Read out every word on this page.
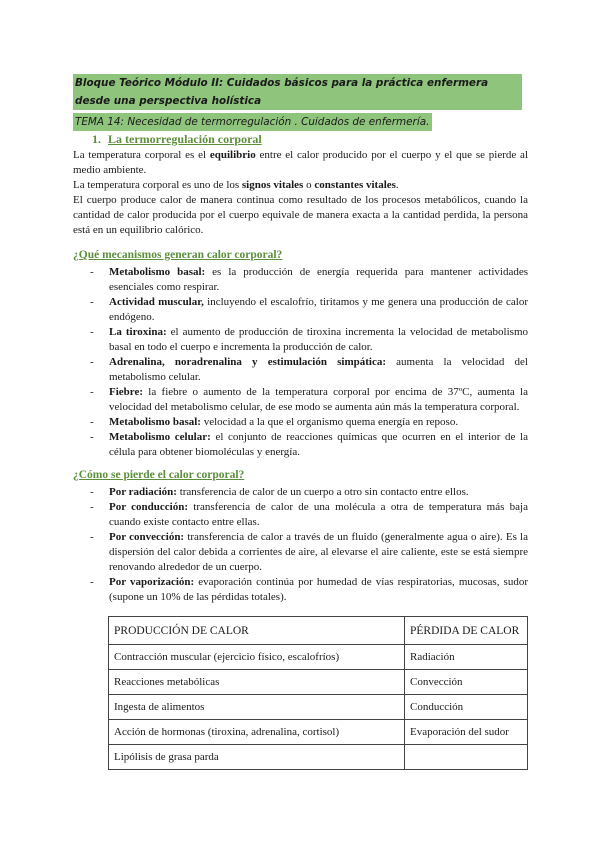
Bloque Teórico Módulo II: Cuidados básicos para la práctica enfermera desde una perspectiva holística
TEMA 14: Necesidad de termorregulación . Cuidados de enfermería.
1. La termorregulación corporal
La temperatura corporal es el equilibrio entre el calor producido por el cuerpo y el que se pierde al medio ambiente.
La temperatura corporal es uno de los signos vitales o constantes vitales.
El cuerpo produce calor de manera continua como resultado de los procesos metabólicos, cuando la cantidad de calor producida por el cuerpo equivale de manera exacta a la cantidad perdida, la persona está en un equilibrio calórico.
¿Qué mecanismos generan calor corporal?
- Metabolismo basal: es la producción de energía requerida para mantener actividades esenciales como respirar.
- Actividad muscular, incluyendo el escalofrío, tiritamos y me genera una producción de calor endógeno.
- La tiroxina: el aumento de producción de tiroxina incrementa la velocidad de metabolismo basal en todo el cuerpo e incrementa la producción de calor.
- Adrenalina, noradrenalina y estimulación simpática: aumenta la velocidad del metabolismo celular.
- Fiebre: la fiebre o aumento de la temperatura corporal por encima de 37ºC, aumenta la velocidad del metabolismo celular, de ese modo se aumenta aún más la temperatura corporal.
- Metabolismo basal: velocidad a la que el organismo quema energía en reposo.
- Metabolismo celular: el conjunto de reacciones químicas que ocurren en el interior de la célula para obtener biomoléculas y energía.
¿Cómo se pierde el calor corporal?
- Por radiación: transferencia de calor de un cuerpo a otro sin contacto entre ellos.
- Por conducción: transferencia de calor de una molécula a otra de temperatura más baja cuando existe contacto entre ellas.
- Por convección: transferencia de calor a través de un fluido (generalmente agua o aire). Es la dispersión del calor debida a corrientes de aire, al elevarse el aire caliente, este se está siempre renovando alrededor de un cuerpo.
- Por vaporización: evaporación continúa por humedad de vías respiratorias, mucosas, sudor (supone un 10% de las pérdidas totales).
PRODUCCIÓN DE CALOR	PÉRDIDA DE CALOR
Contracción muscular (ejercicio físico, escalofríos)	Radiación
Reacciones metabólicas	Convección
Ingesta de alimentos	Conducción
Acción de hormonas (tiroxina, adrenalina, cortisol)	Evaporación del sudor
Lipólisis de grasa parda	
